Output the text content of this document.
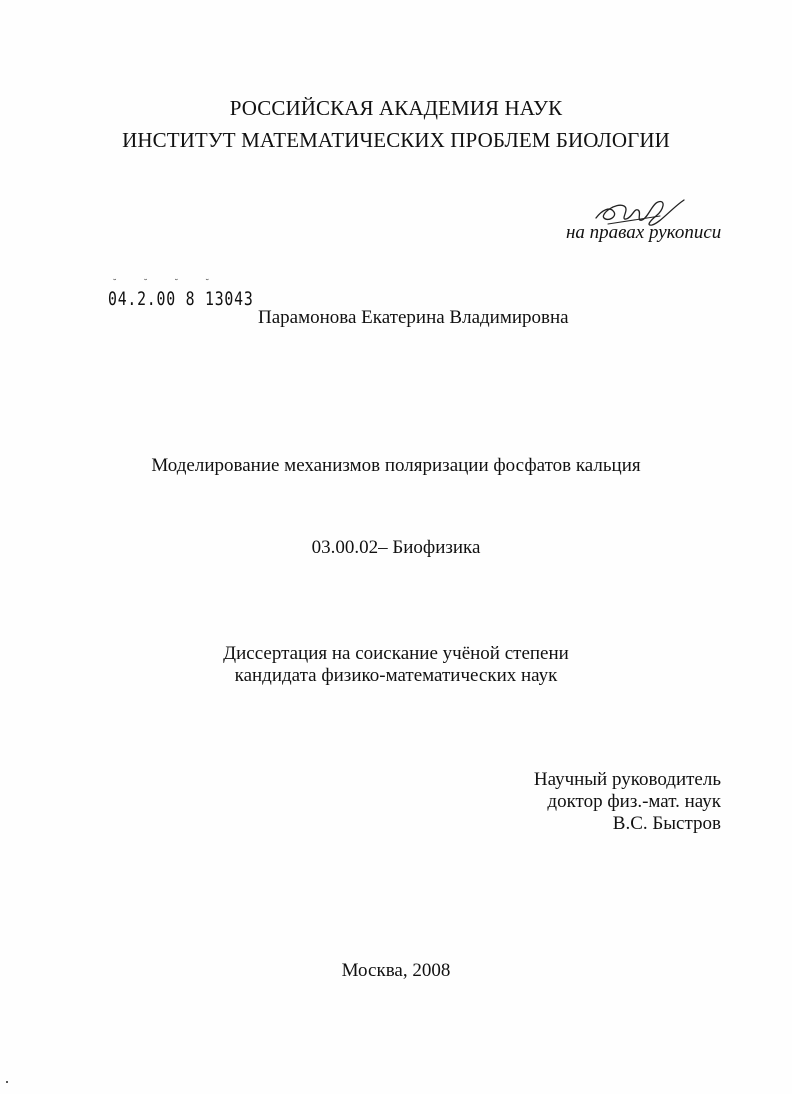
РОССИЙСКАЯ АКАДЕМИЯ НАУК
ИНСТИТУТ МАТЕМАТИЧЕСКИХ ПРОБЛЕМ БИОЛОГИИ
на правах рукописи
˘ ˘ ˘ ˘
04.2.00 8 13043
Парамонова Екатерина Владимировна
Моделирование механизмов поляризации фосфатов кальция
03.00.02– Биофизика
Диссертация на соискание учёной степени
кандидата физико-математических наук
Научный руководитель
доктор физ.-мат. наук
В.С. Быстров
Москва, 2008
